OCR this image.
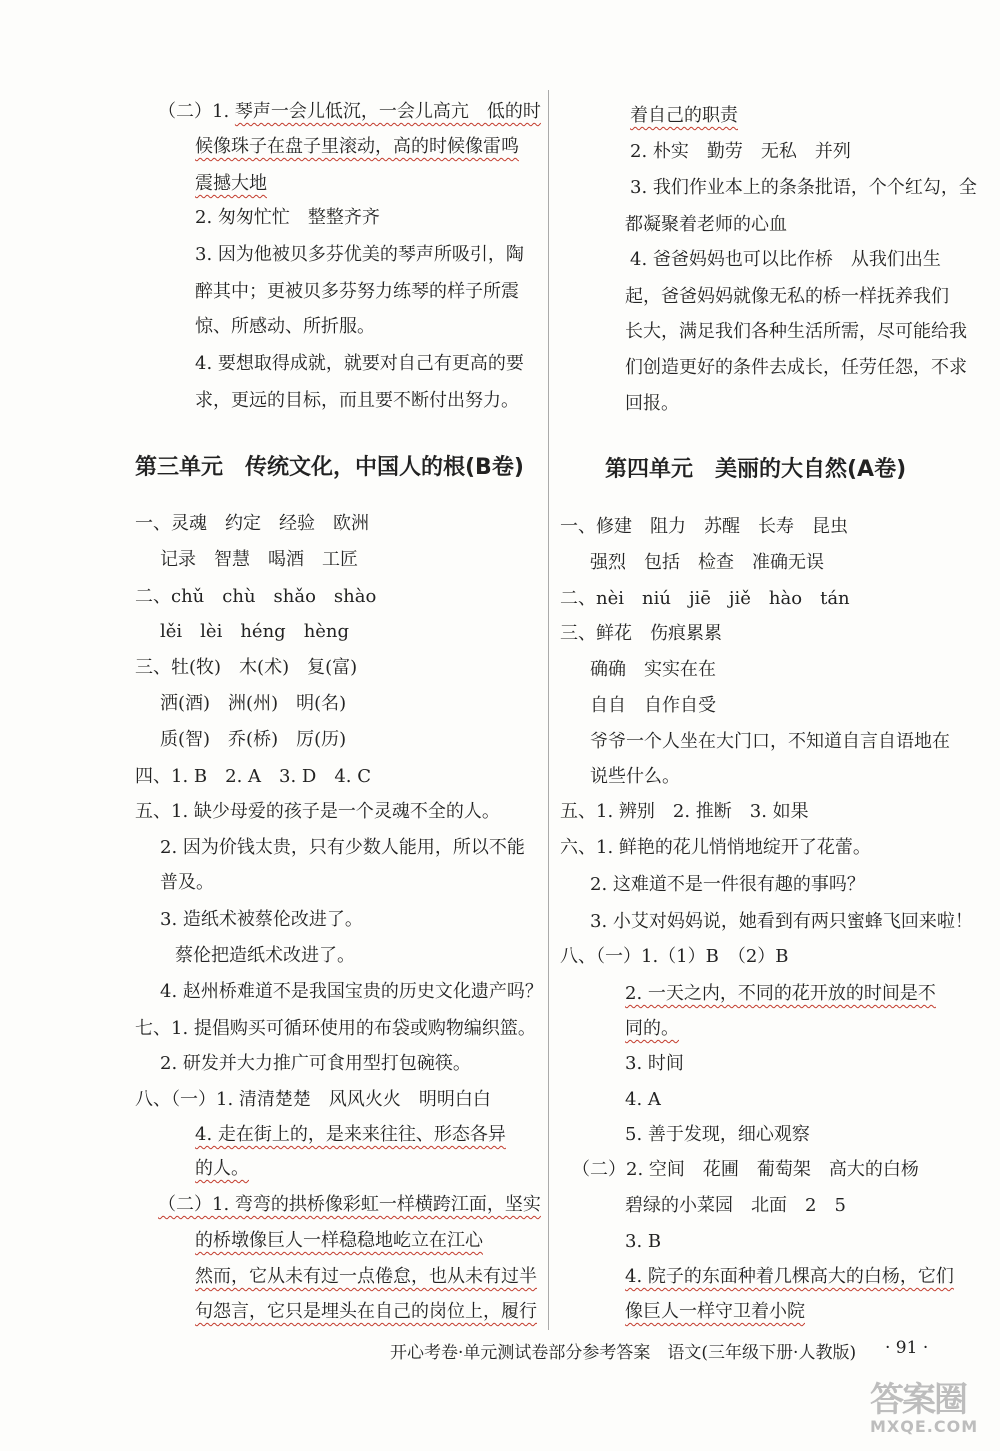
（二）1. 琴声一会儿低沉，一会儿高亢　低的时
候像珠子在盘子里滚动，高的时候像雷鸣
震撼大地
2. 匆匆忙忙　整整齐齐
3. 因为他被贝多芬优美的琴声所吸引，陶
醉其中；更被贝多芬努力练琴的样子所震
惊、所感动、所折服。
4. 要想取得成就，就要对自己有更高的要
求，更远的目标，而且要不断付出努力。
第三单元　传统文化，中国人的根(B卷)
一、灵魂　约定　经验　欧洲
记录　智慧　喝酒　工匠
二、chǔ　chù　shǎo　shào
lěi　lèi　héng　hèng
三、牡(牧)　木(术)　复(富)
洒(酒)　洲(州)　明(名)
质(智)　乔(桥)　厉(历)
四、1. B　2. A　3. D　4. C
五、1. 缺少母爱的孩子是一个灵魂不全的人。
2. 因为价钱太贵，只有少数人能用，所以不能
普及。
3. 造纸术被蔡伦改进了。
蔡伦把造纸术改进了。
4. 赵州桥难道不是我国宝贵的历史文化遗产吗？
七、1. 提倡购买可循环使用的布袋或购物编织篮。
2. 研发并大力推广可食用型打包碗筷。
八、（一）1. 清清楚楚　风风火火　明明白白
4. 走在街上的，是来来往往、形态各异
的人。
（二）1. 弯弯的拱桥像彩虹一样横跨江面，坚实
的桥墩像巨人一样稳稳地屹立在江心
然而，它从未有过一点倦怠，也从未有过半
句怨言，它只是埋头在自己的岗位上，履行
着自己的职责
2. 朴实　勤劳　无私　并列
3. 我们作业本上的条条批语，个个红勾，全
都凝聚着老师的心血
4. 爸爸妈妈也可以比作桥　从我们出生
起，爸爸妈妈就像无私的桥一样抚养我们
长大，满足我们各种生活所需，尽可能给我
们创造更好的条件去成长，任劳任怨，不求
回报。
第四单元　美丽的大自然(A卷)
一、修建　阻力　苏醒　长寿　昆虫
强烈　包括　检查　准确无误
二、nèi　niú　jiē　jiě　hào　tán
三、鲜花　伤痕累累
确确　实实在在
自自　自作自受
爷爷一个人坐在大门口，不知道自言自语地在
说些什么。
五、1. 辨别　2. 推断　3. 如果
六、1. 鲜艳的花儿悄悄地绽开了花蕾。
2. 这难道不是一件很有趣的事吗？
3. 小艾对妈妈说，她看到有两只蜜蜂飞回来啦！
八、（一）1.（1）B　（2）B
2. 一天之内，不同的花开放的时间是不
同的。
3. 时间
4. A
5. 善于发现，细心观察
（二）2. 空间　花圃　葡萄架　高大的白杨
碧绿的小菜园　北面　2　5
3. B
4. 院子的东面种着几棵高大的白杨，它们
像巨人一样守卫着小院
开心考卷·单元测试卷部分参考答案　语文(三年级下册·人教版) · 91 ·
答案圈
MXQE.COM
